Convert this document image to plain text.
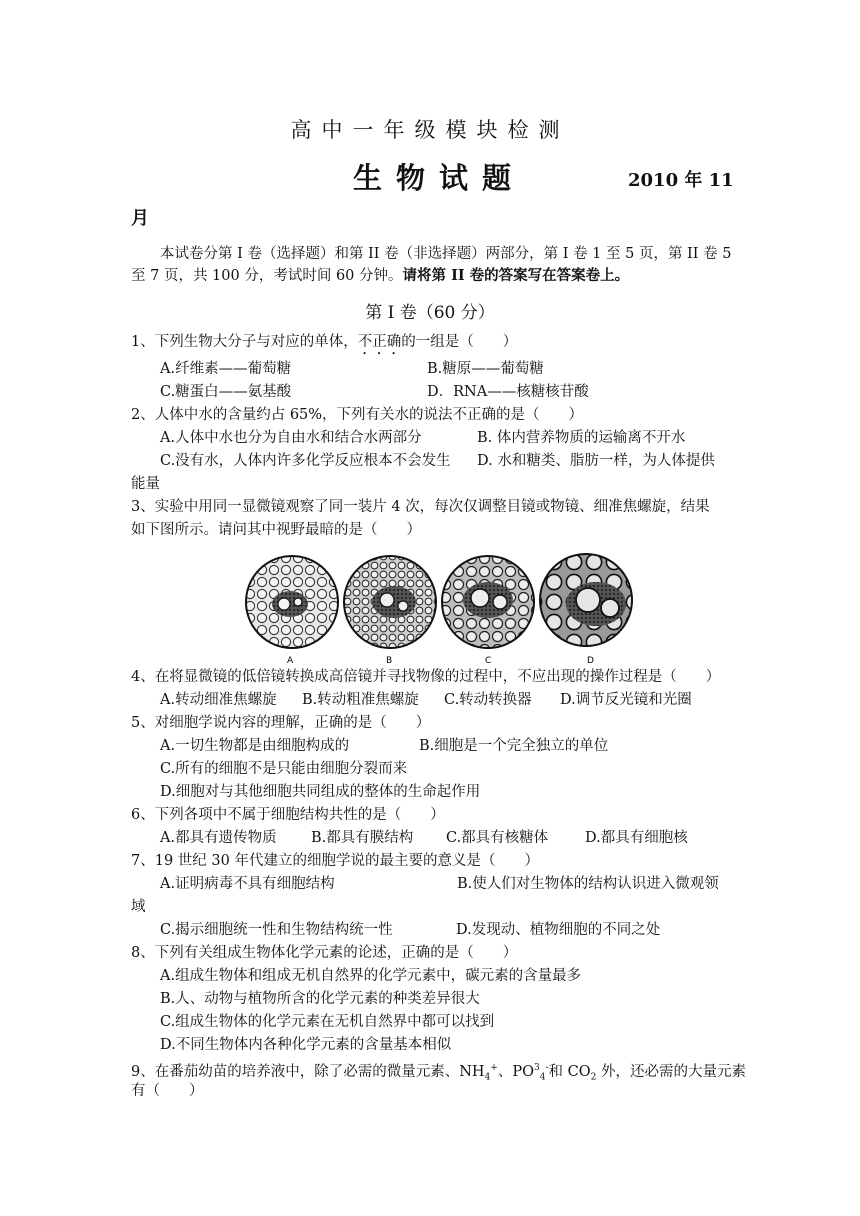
高中一年级模块检测
生物试题	2010 年 11
月
本试卷分第 I 卷（选择题）和第 II 卷（非选择题）两部分，第 I 卷 1 至 5 页，第 II 卷 5
至 7 页，共 100 分，考试时间 60 分钟。请将第 II 卷的答案写在答案卷上。
第 I 卷（60 分）
1、下列生物大分子与对应的单体，不正确的一组是（　　）
A.纤维素——葡萄糖	B.糖原——葡萄糖
C.糖蛋白——氨基酸	D．RNA——核糖核苷酸
2、人体中水的含量约占 65%，下列有关水的说法不正确的是（　　）
A.人体中水也分为自由水和结合水两部分	B. 体内营养物质的运输离不开水
C.没有水，人体内许多化学反应根本不会发生 D. 水和糖类、脂肪一样，为人体提供
能量
3、实验中用同一显微镜观察了同一装片 4 次，每次仅调整目镜或物镜、细准焦螺旋，结果
如下图所示。请问其中视野最暗的是（　　）
A	B	C	D
4、在将显微镜的低倍镜转换成高倍镜并寻找物像的过程中，不应出现的操作过程是（　　）
A.转动细准焦螺旋 B.转动粗准焦螺旋 C.转动转换器 D.调节反光镜和光圈
5、对细胞学说内容的理解，正确的是（　　）
A.一切生物都是由细胞构成的	B.细胞是一个完全独立的单位
C.所有的细胞不是只能由细胞分裂而来
D.细胞对与其他细胞共同组成的整体的生命起作用
6、下列各项中不属于细胞结构共性的是（　　）
A.都具有遗传物质 B.都具有膜结构 C.都具有核糖体	D.都具有细胞核
7、19 世纪 30 年代建立的细胞学说的最主要的意义是（　　）
A.证明病毒不具有细胞结构	B.使人们对生物体的结构认识进入微观领
域
C.揭示细胞统一性和生物结构统一性	D.发现动、植物细胞的不同之处
8、下列有关组成生物体化学元素的论述，正确的是（　　）
A.组成生物体和组成无机自然界的化学元素中，碳元素的含量最多
B.人、动物与植物所含的化学元素的种类差异很大
C.组成生物体的化学元素在无机自然界中都可以找到
D.不同生物体内各种化学元素的含量基本相似
9、在番茄幼苗的培养液中，除了必需的微量元素、$NH_4^+$、$PO^3_4^-$和 $CO_2$ 外，还必需的大量元素
有（　　）
